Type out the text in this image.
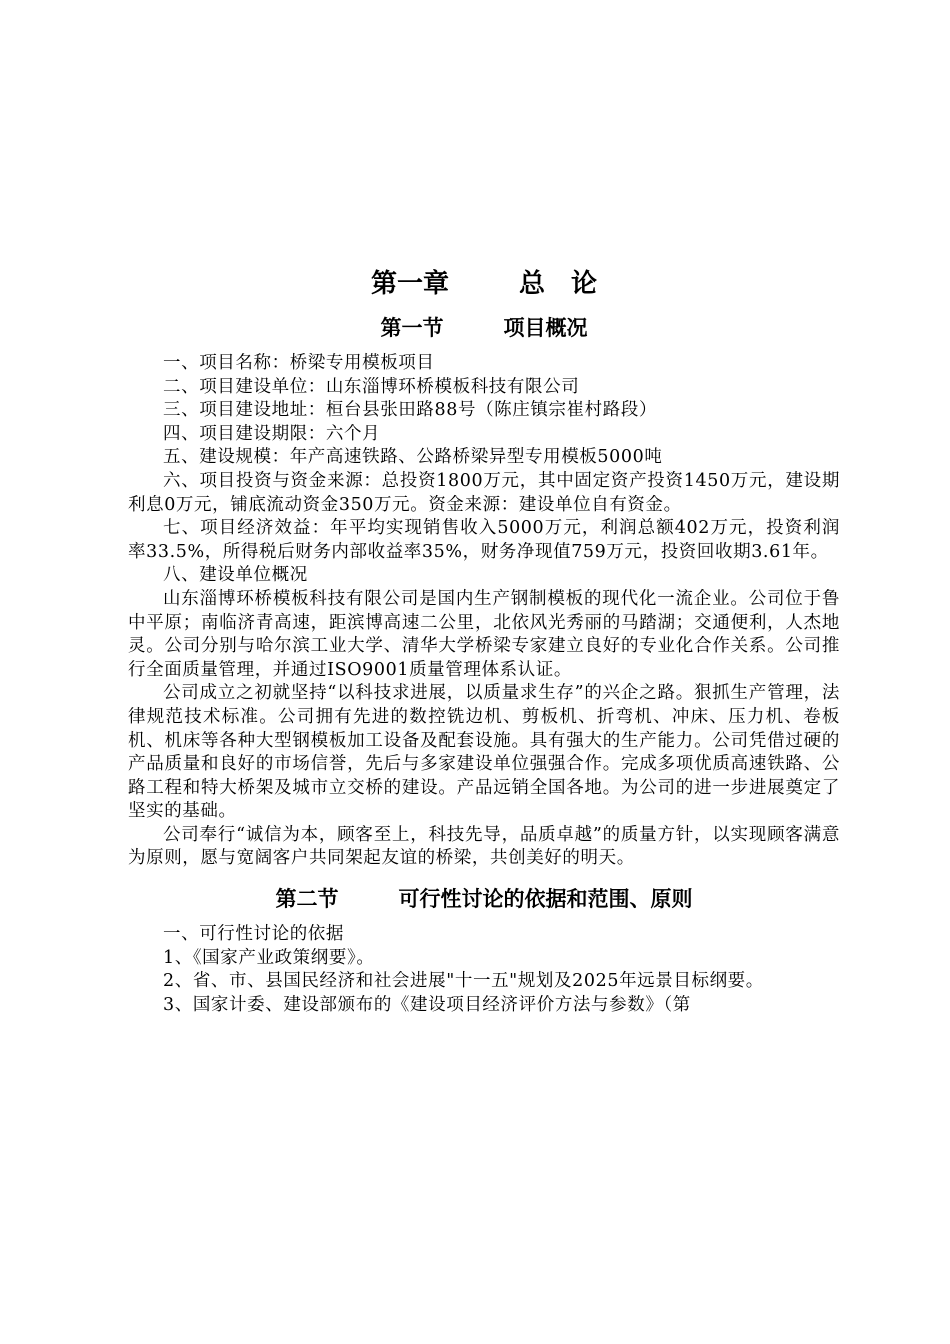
第一章	总　论
第一节	项目概况

一、项目名称：桥梁专用模板项目

二、项目建设单位：山东淄博环桥模板科技有限公司

三、项目建设地址：桓台县张田路88号（陈庄镇宗崔村路段）

四、项目建设期限：六个月

五、建设规模：年产高速铁路、公路桥梁异型专用模板5000吨

六、项目投资与资金来源：总投资1800万元，其中固定资产投资1450万元，建设期利息0万元，铺底流动资金350万元。资金来源：建设单位自有资金。

七、项目经济效益：年平均实现销售收入5000万元，利润总额402万元，投资利润率33.5%，所得税后财务内部收益率35%，财务净现值759万元，投资回收期3.61年。

八、建设单位概况

山东淄博环桥模板科技有限公司是国内生产钢制模板的现代化一流企业。公司位于鲁中平原；南临济青高速，距滨博高速二公里，北依风光秀丽的马踏湖；交通便利，人杰地灵。公司分别与哈尔滨工业大学、清华大学桥梁专家建立良好的专业化合作关系。公司推行全面质量管理，并通过ISO9001质量管理体系认证。

公司成立之初就坚持“以科技求进展，以质量求生存”的兴企之路。狠抓生产管理，法律规范技术标准。公司拥有先进的数控铣边机、剪板机、折弯机、冲床、压力机、卷板机、机床等各种大型钢模板加工设备及配套设施。具有强大的生产能力。公司凭借过硬的产品质量和良好的市场信誉，先后与多家建设单位强强合作。完成多项优质高速铁路、公路工程和特大桥架及城市立交桥的建设。产品远销全国各地。为公司的进一步进展奠定了坚实的基础。

公司奉行“诚信为本，顾客至上，科技先导，品质卓越”的质量方针，以实现顾客满意为原则，愿与宽阔客户共同架起友谊的桥梁，共创美好的明天。

第二节	可行性讨论的依据和范围、原则

一、可行性讨论的依据

1、《国家产业政策纲要》。

2、省、市、县国民经济和社会进展"十一五"规划及2025年远景目标纲要。

3、国家计委、建设部颁布的《建设项目经济评价方法与参数》（第
